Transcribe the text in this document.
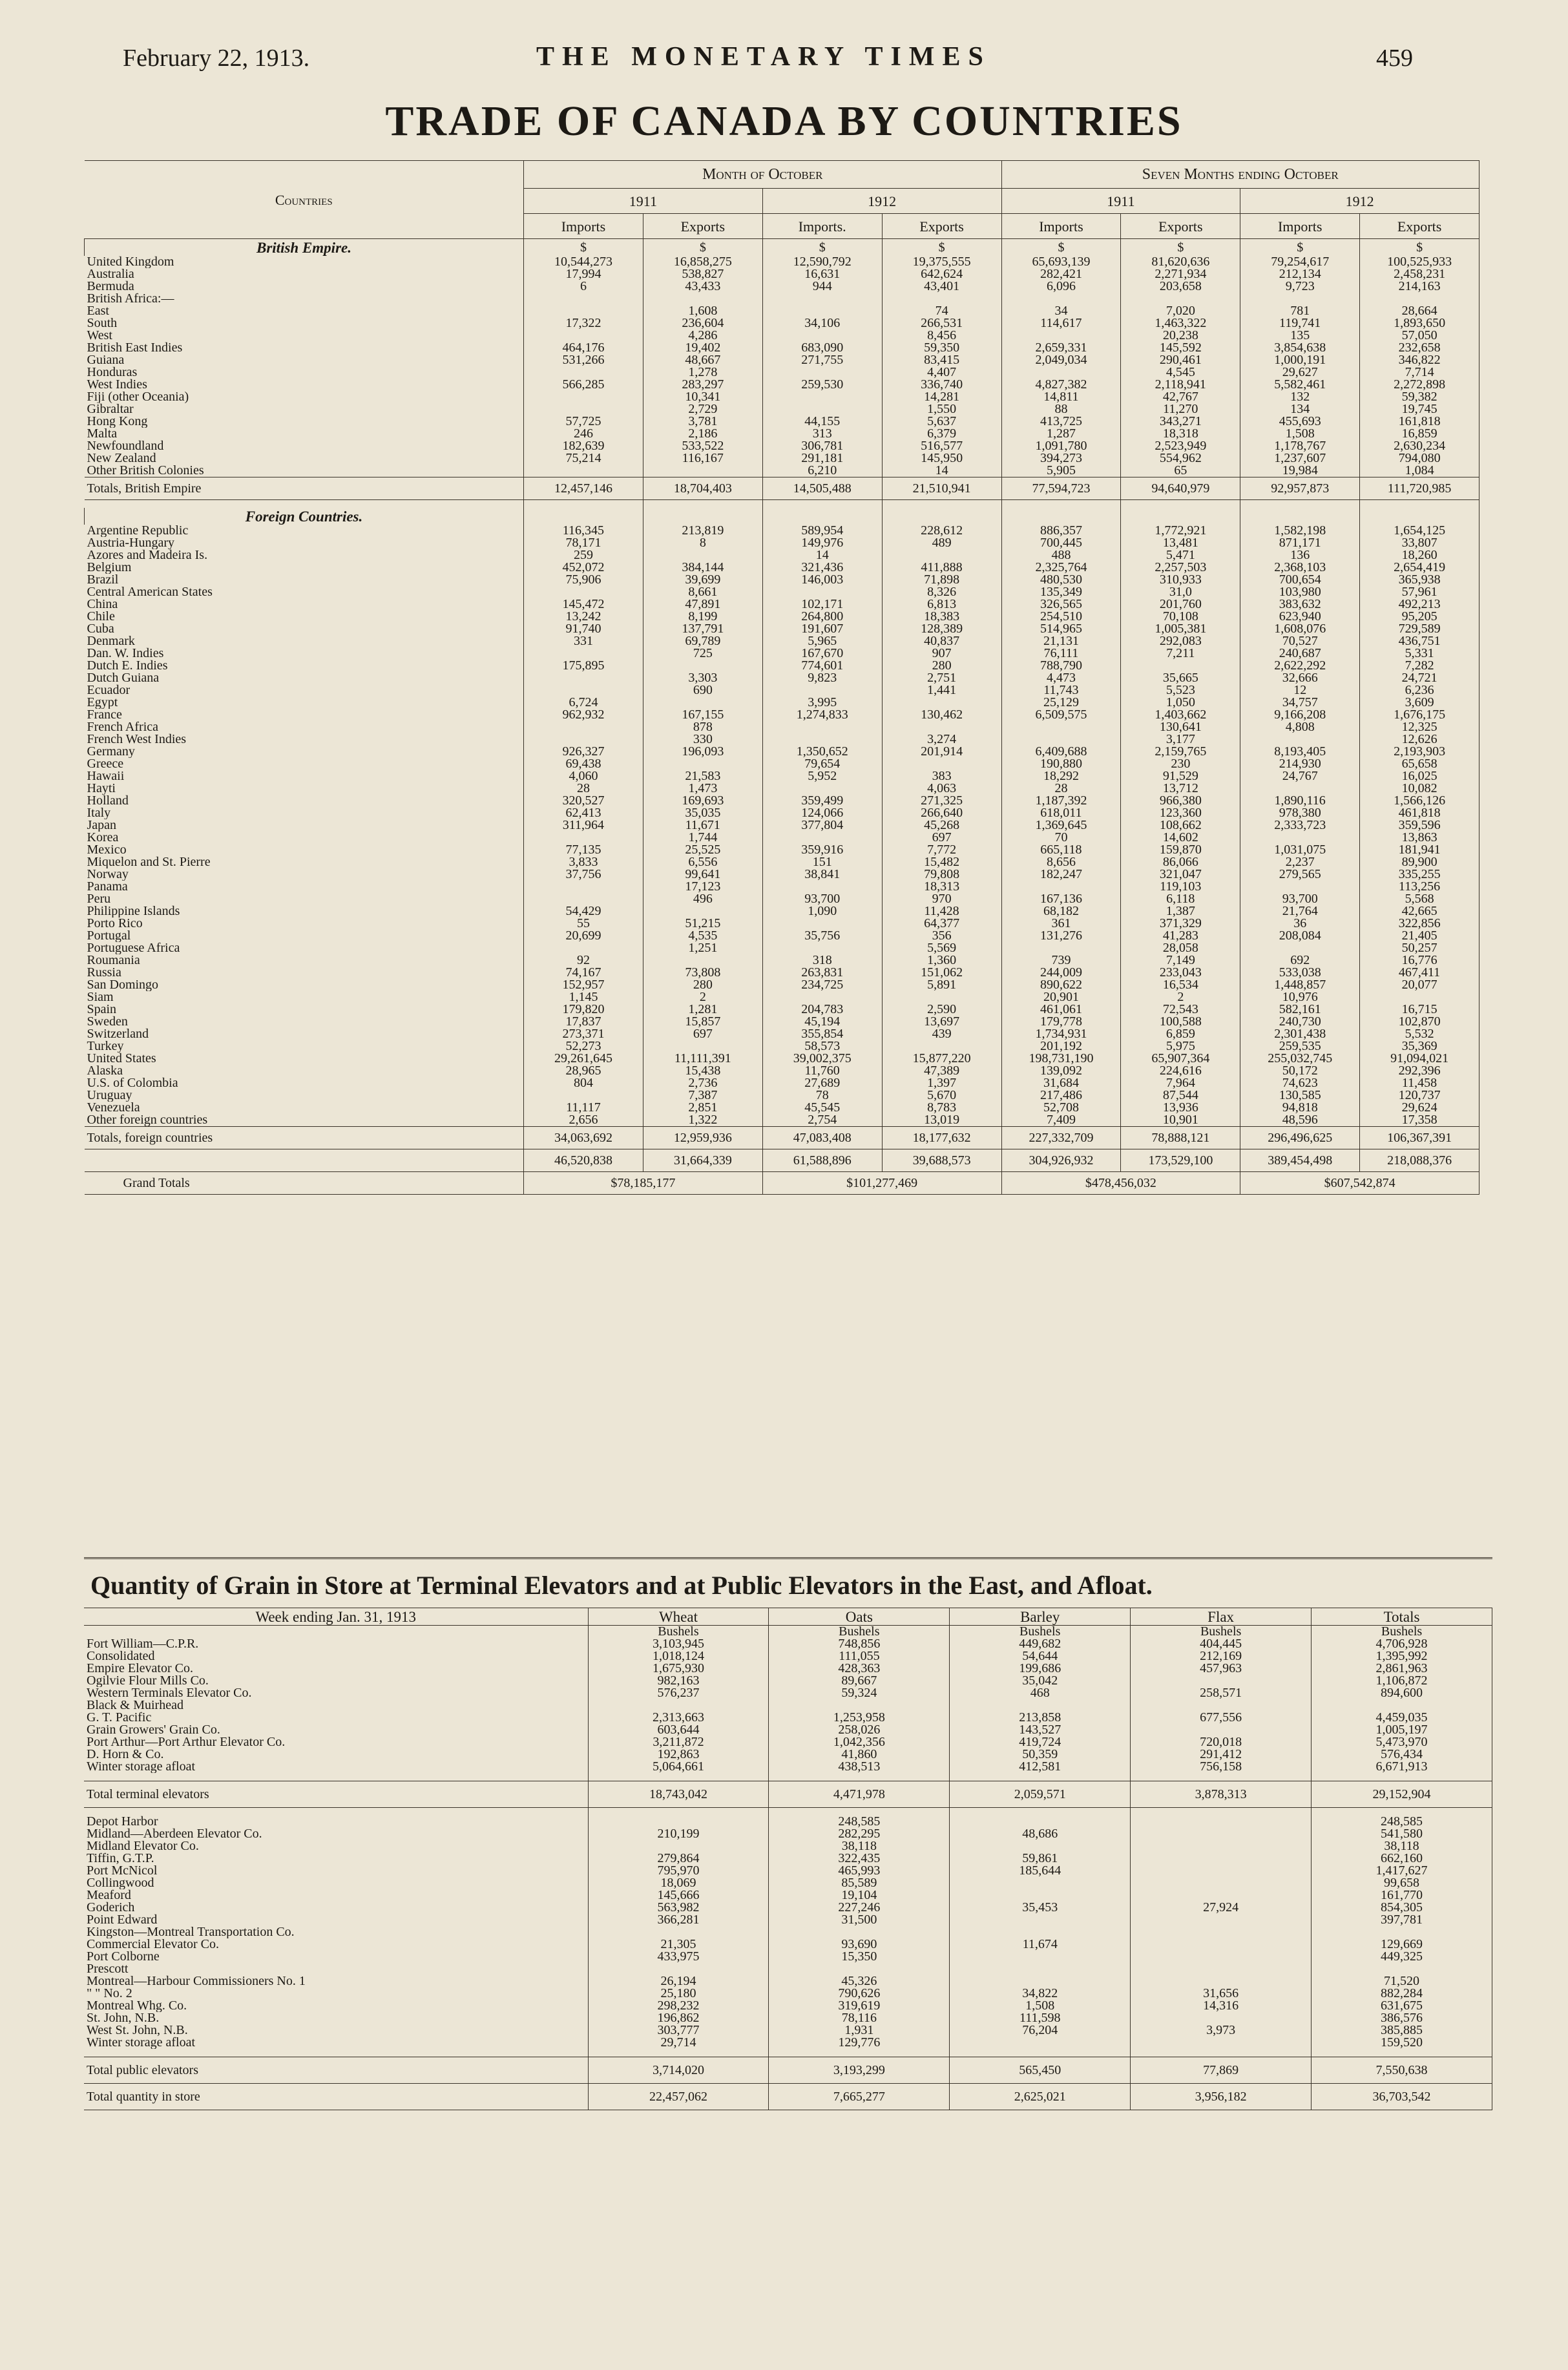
February 22, 1913.	THE MONETARY TIMES	459
TRADE OF CANADA BY COUNTRIES
Countries	Month of October				Seven Months ending October			
	1911		1912		1911		1912	
	Imports	Exports	Imports.	Exports	Imports	Exports	Imports	Exports
British Empire.	$	$	$	$	$	$	$	$
United Kingdom	10,544,273	16,858,275	12,590,792	19,375,555	65,693,139	81,620,636	79,254,617	100,525,933
Australia	17,994	538,827	16,631	642,624	282,421	2,271,934	212,134	2,458,231
Bermuda	6	43,433	944	43,401	6,096	203,658	9,723	214,163
British Africa:—								
East		1,608		74	34	7,020	781	28,664
South	17,322	236,604	34,106	266,531	114,617	1,463,322	119,741	1,893,650
West		4,286		8,456		20,238	135	57,050
British East Indies	464,176	19,402	683,090	59,350	2,659,331	145,592	3,854,638	232,658
Guiana	531,266	48,667	271,755	83,415	2,049,034	290,461	1,000,191	346,822
Honduras		1,278		4,407		4,545	29,627	7,714
West Indies	566,285	283,297	259,530	336,740	4,827,382	2,118,941	5,582,461	2,272,898
Fiji (other Oceania)		10,341		14,281	14,811	42,767	132	59,382
Gibraltar		2,729		1,550	88	11,270	134	19,745
Hong Kong	57,725	3,781	44,155	5,637	413,725	343,271	455,693	161,818
Malta	246	2,186	313	6,379	1,287	18,318	1,508	16,859
Newfoundland	182,639	533,522	306,781	516,577	1,091,780	2,523,949	1,178,767	2,630,234
New Zealand	75,214	116,167	291,181	145,950	394,273	554,962	1,237,607	794,080
Other British Colonies			6,210	14	5,905	65	19,984	1,084
Totals, British Empire	12,457,146	18,704,403	14,505,488	21,510,941	77,594,723	94,640,979	92,957,873	111,720,985

Foreign Countries.								
Argentine Republic	116,345	213,819	589,954	228,612	886,357	1,772,921	1,582,198	1,654,125
Austria-Hungary	78,171	8	149,976	489	700,445	13,481	871,171	33,807
Azores and Madeira Is.	259		14		488	5,471	136	18,260
Belgium	452,072	384,144	321,436	411,888	2,325,764	2,257,503	2,368,103	2,654,419
Brazil	75,906	39,699	146,003	71,898	480,530	310,933	700,654	365,938
Central American States		8,661		8,326	135,349	31,0	103,980	57,961
China	145,472	47,891	102,171	6,813	326,565	201,760	383,632	492,213
Chile	13,242	8,199	264,800	18,383	254,510	70,108	623,940	95,205
Cuba	91,740	137,791	191,607	128,389	514,965	1,005,381	1,608,076	729,589
Denmark	331	69,789	5,965	40,837	21,131	292,083	70,527	436,751
Dan. W. Indies		725	167,670	907	76,111	7,211	240,687	5,331
Dutch E. Indies	175,895		774,601	280	788,790		2,622,292	7,282
Dutch Guiana		3,303	9,823	2,751	4,473	35,665	32,666	24,721
Ecuador		690		1,441	11,743	5,523	12	6,236
Egypt	6,724		3,995		25,129	1,050	34,757	3,609
France	962,932	167,155	1,274,833	130,462	6,509,575	1,403,662	9,166,208	1,676,175
French Africa		878				130,641	4,808	12,325
French West Indies		330		3,274		3,177		12,626
Germany	926,327	196,093	1,350,652	201,914	6,409,688	2,159,765	8,193,405	2,193,903
Greece	69,438		79,654		190,880	230	214,930	65,658
Hawaii	4,060	21,583	5,952	383	18,292	91,529	24,767	16,025
Hayti	28	1,473		4,063	28	13,712		10,082
Holland	320,527	169,693	359,499	271,325	1,187,392	966,380	1,890,116	1,566,126
Italy	62,413	35,035	124,066	266,640	618,011	123,360	978,380	461,818
Japan	311,964	11,671	377,804	45,268	1,369,645	108,662	2,333,723	359,596
Korea		1,744		697	70	14,602		13,863
Mexico	77,135	25,525	359,916	7,772	665,118	159,870	1,031,075	181,941
Miquelon and St. Pierre	3,833	6,556	151	15,482	8,656	86,066	2,237	89,900
Norway	37,756	99,641	38,841	79,808	182,247	321,047	279,565	335,255
Panama		17,123		18,313		119,103		113,256
Peru		496	93,700	970	167,136	6,118	93,700	5,568
Philippine Islands	54,429		1,090	11,428	68,182	1,387	21,764	42,665
Porto Rico	55	51,215		64,377	361	371,329	36	322,856
Portugal	20,699	4,535	35,756	356	131,276	41,283	208,084	21,405
Portuguese Africa		1,251		5,569		28,058		50,257
Roumania	92		318	1,360	739	7,149	692	16,776
Russia	74,167	73,808	263,831	151,062	244,009	233,043	533,038	467,411
San Domingo	152,957	280	234,725	5,891	890,622	16,534	1,448,857	20,077
Siam	1,145	2			20,901	2	10,976	
Spain	179,820	1,281	204,783	2,590	461,061	72,543	582,161	16,715
Sweden	17,837	15,857	45,194	13,697	179,778	100,588	240,730	102,870
Switzerland	273,371	697	355,854	439	1,734,931	6,859	2,301,438	5,532
Turkey	52,273		58,573		201,192	5,975	259,535	35,369
United States	29,261,645	11,111,391	39,002,375	15,877,220	198,731,190	65,907,364	255,032,745	91,094,021
Alaska	28,965	15,438	11,760	47,389	139,092	224,616	50,172	292,396
U.S. of Colombia	804	2,736	27,689	1,397	31,684	7,964	74,623	11,458
Uruguay		7,387	78	5,670	217,486	87,544	130,585	120,737
Venezuela	11,117	2,851	45,545	8,783	52,708	13,936	94,818	29,624
Other foreign countries	2,656	1,322	2,754	13,019	7,409	10,901	48,596	17,358
Totals, foreign countries	34,063,692	12,959,936	47,083,408	18,177,632	227,332,709	78,888,121	296,496,625	106,367,391
	46,520,838	31,664,339	61,588,896	39,688,573	304,926,932	173,529,100	389,454,498	218,088,376
Grand Totals	$78,185,177		$101,277,469		$478,456,032		$607,542,874	
Quantity of Grain in Store at Terminal Elevators and at Public Elevators in the East, and Afloat.
Week ending Jan. 31, 1913	Wheat	Oats	Barley	Flax	Totals
	Bushels	Bushels	Bushels	Bushels	Bushels
Fort William—C.P.R.	3,103,945	748,856	449,682	404,445	4,706,928
Consolidated	1,018,124	111,055	54,644	212,169	1,395,992
Empire Elevator Co.	1,675,930	428,363	199,686	457,963	2,861,963
Ogilvie Flour Mills Co.	982,163	89,667	35,042		1,106,872
Western Terminals Elevator Co.	576,237	59,324	468	258,571	894,600
Black & Muirhead					
G. T. Pacific	2,313,663	1,253,958	213,858	677,556	4,459,035
Grain Growers' Grain Co.	603,644	258,026	143,527		1,005,197
Port Arthur—Port Arthur Elevator Co.	3,211,872	1,042,356	419,724	720,018	5,473,970
D. Horn & Co.	192,863	41,860	50,359	291,412	576,434
Winter storage afloat	5,064,661	438,513	412,581	756,158	6,671,913

Total terminal elevators	18,743,042	4,471,978	2,059,571	3,878,313	29,152,904

Depot Harbor		248,585			248,585
Midland—Aberdeen Elevator Co.	210,199	282,295	48,686		541,580
Midland Elevator Co.		38,118			38,118
Tiffin, G.T.P.	279,864	322,435	59,861		662,160
Port McNicol	795,970	465,993	185,644		1,417,627
Collingwood	18,069	85,589			99,658
Meaford	145,666	19,104			161,770
Goderich	563,982	227,246	35,453	27,924	854,305
Point Edward	366,281	31,500			397,781
Kingston—Montreal Transportation Co.					
Commercial Elevator Co.	21,305	93,690	11,674		129,669
Port Colborne	433,975	15,350			449,325
Prescott					
Montreal—Harbour Commissioners No. 1	26,194	45,326			71,520
" " No. 2	25,180	790,626	34,822	31,656	882,284
Montreal Whg. Co.	298,232	319,619	1,508	14,316	631,675
St. John, N.B.	196,862	78,116	111,598		386,576
West St. John, N.B.	303,777	1,931	76,204	3,973	385,885
Winter storage afloat	29,714	129,776			159,520

Total public elevators	3,714,020	3,193,299	565,450	77,869	7,550,638
Total quantity in store	22,457,062	7,665,277	2,625,021	3,956,182	36,703,542
